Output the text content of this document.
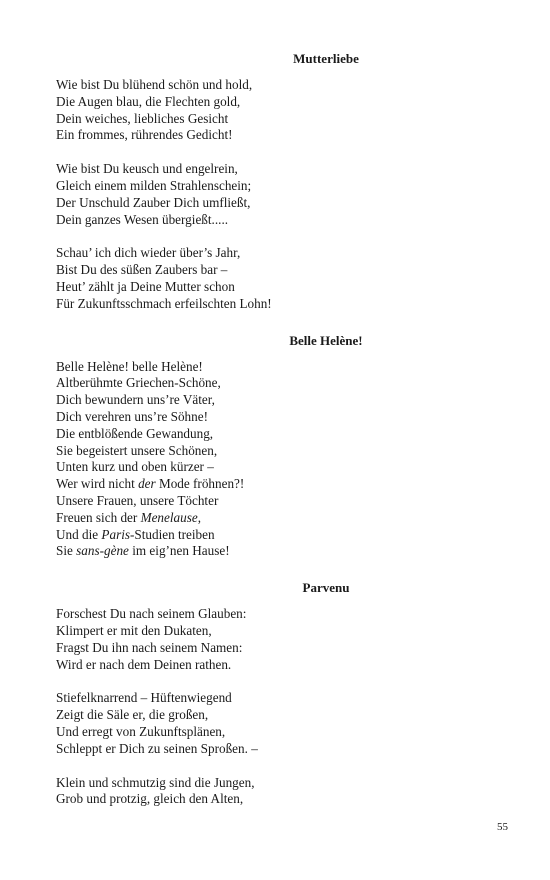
Mutterliebe
Wie bist Du blühend schön und hold,
Die Augen blau, die Flechten gold,
Dein weiches, liebliches Gesicht
Ein frommes, rührendes Gedicht!
Wie bist Du keusch und engelrein,
Gleich einem milden Strahlenschein;
Der Unschuld Zauber Dich umfließt,
Dein ganzes Wesen übergießt.....
Schau’ ich dich wieder über’s Jahr,
Bist Du des süßen Zaubers bar –
Heut’ zählt ja Deine Mutter schon
Für Zukunftsschmach erfeilschten Lohn!
Belle Helène!
Belle Helène! belle Helène!
Altberühmte Griechen-Schöne,
Dich bewundern uns’re Väter,
Dich verehren uns’re Söhne!
Die entblößende Gewandung,
Sie begeistert unsere Schönen,
Unten kurz und oben kürzer –
Wer wird nicht der Mode fröhnen?!
Unsere Frauen, unsere Töchter
Freuen sich der Menelause,
Und die Paris-Studien treiben
Sie sans-gène im eig’nen Hause!
Parvenu
Forschest Du nach seinem Glauben:
Klimpert er mit den Dukaten,
Fragst Du ihn nach seinem Namen:
Wird er nach dem Deinen rathen.
Stiefelknarrend – Hüftenwiegend
Zeigt die Säle er, die großen,
Und erregt von Zukunftsplänen,
Schleppt er Dich zu seinen Sproßen. –
Klein und schmutzig sind die Jungen,
Grob und protzig, gleich den Alten,
55
